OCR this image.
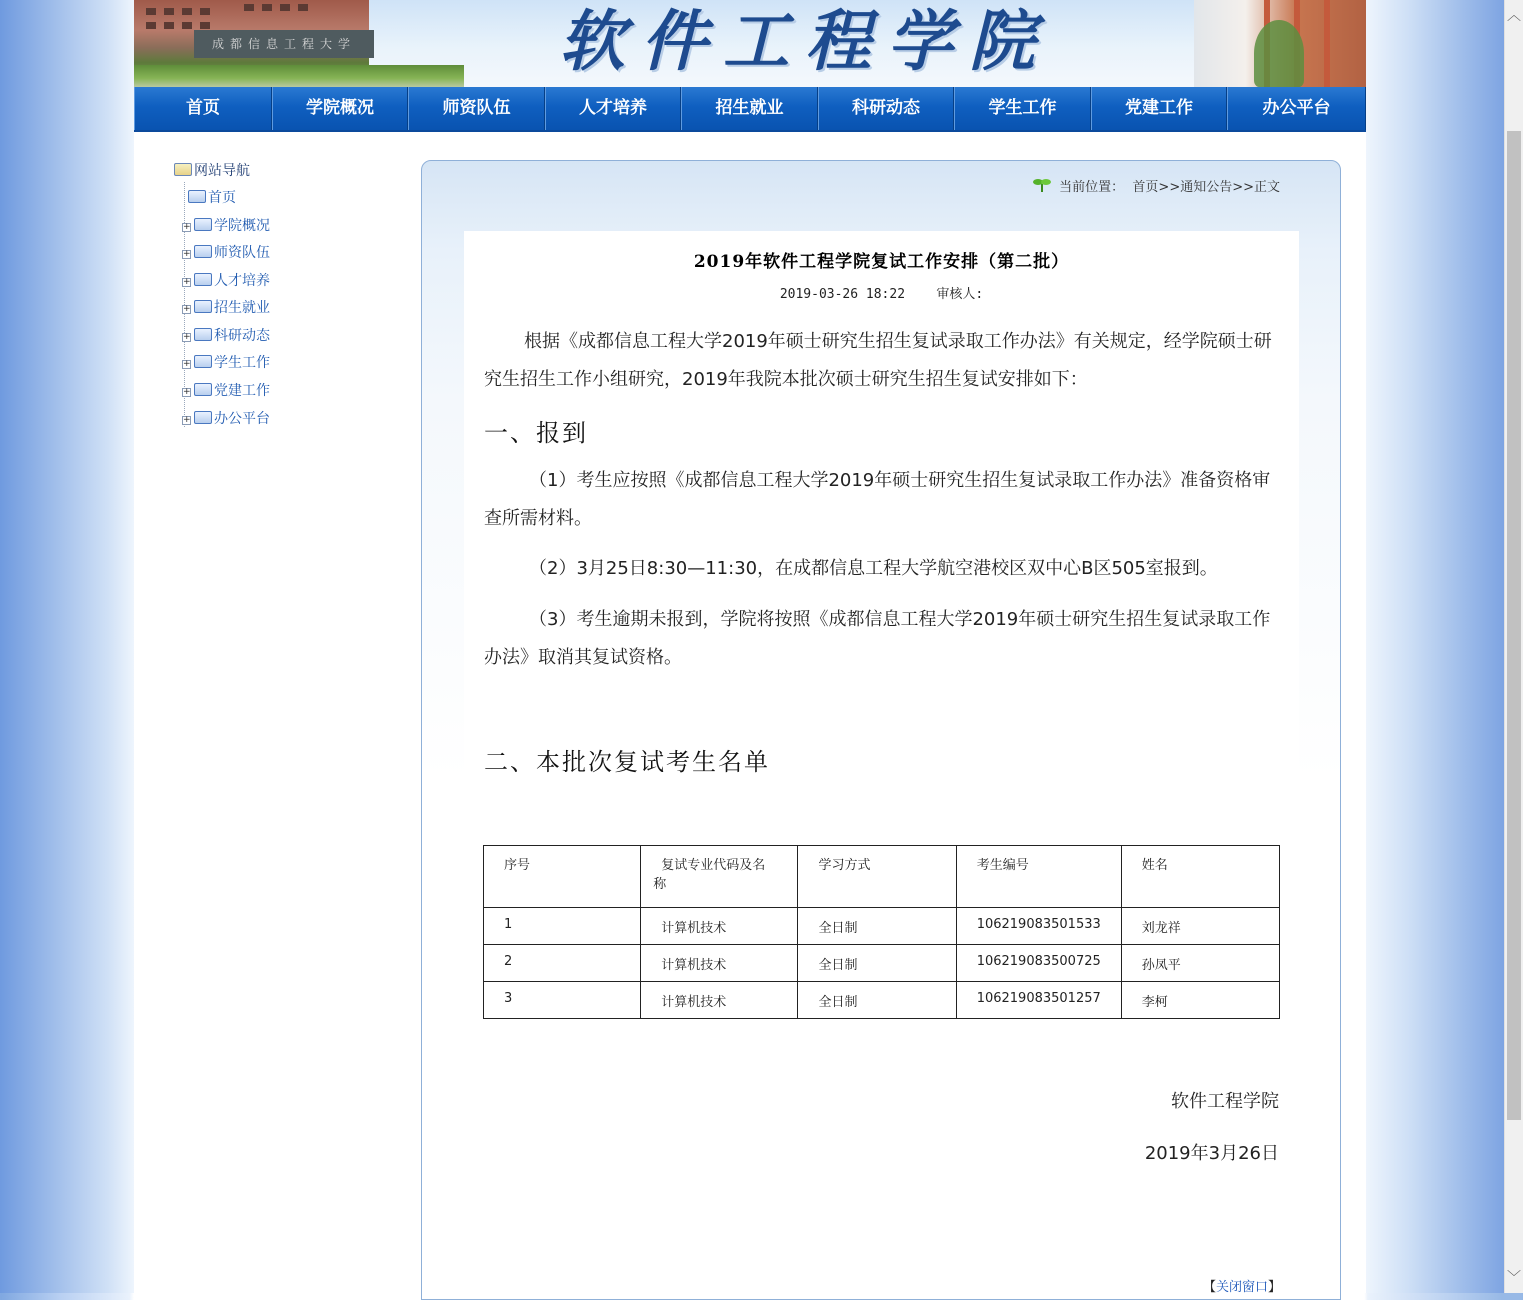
成都信息工程大学	软件工程学院
首页	学院概况	师资队伍	人才培养	招生就业	科研动态	学生工作	党建工作	办公平台
网站导航
首页
+ 学院概况
+ 师资队伍
+ 人才培养
+ 招生就业
+ 科研动态
+ 学生工作
+ 党建工作
+ 办公平台
当前位置： 首页>>通知公告>>正文
2019年软件工程学院复试工作安排（第二批）
2019-03-26 18:22    审核人:
根据《成都信息工程大学2019年硕士研究生招生复试录取工作办法》有关规定，经学院硕士研究生招生工作小组研究，2019年我院本批次硕士研究生招生复试安排如下：
一、报到
（1）考生应按照《成都信息工程大学2019年硕士研究生招生复试录取工作办法》准备资格审查所需材料。
（2）3月25日8:30—11:30，在成都信息工程大学航空港校区双中心B区505室报到。
（3）考生逾期未报到，学院将按照《成都信息工程大学2019年硕士研究生招生复试录取工作办法》取消其复试资格。
二、本批次复试考生名单
序号	复试专业代码及名称	学习方式	考生编号	姓名
1	计算机技术	全日制	106219083501533	刘龙祥
2	计算机技术	全日制	106219083500725	孙凤平
3	计算机技术	全日制	106219083501257	李柯
软件工程学院
2019年3月26日
【关闭窗口】
︿
﹀
